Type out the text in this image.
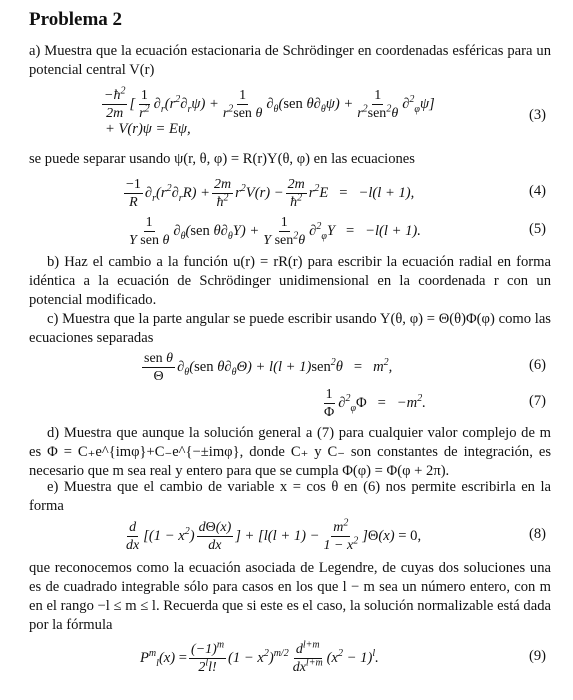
Problema 2
a) Muestra que la ecuación estacionaria de Schrödinger en coordenadas esféricas para un potencial central V(r)
$\frac{-ħ^2}{2m}$ [ $\frac{1}{r^2} \partial_r(r^2\partial_r\psi) + \frac{1}{r^2sen \theta} \partial_\theta(sen$ $\theta\partial_\theta\psi) + \frac{1}{r^2sen^2\theta} \partial^2_\varphi\psi$]
+ V(r)ψ = Eψ,
(3)
se puede separar usando ψ(r, θ, φ) = R(r)Y(θ, φ) en las ecuaciones
$\frac{-1}{R} \partial_r(r^2\partial_rR) + \frac{2m}{ħ^2} r^2V(r) - \frac{2m}{ħ^2} r^2E = -l(l + 1)$,	(4)
$\frac{1}{\text{Y sen θ}} \partial_\theta(sen$ $\theta\partial_\theta Y) + \frac{1}{Y sen^2\theta} \partial^2_\varphi Y = -l(l + 1)$.	(5)
b) Haz el cambio a la función u(r) = rR(r) para escribir la ecuación radial en forma idéntica a la ecuación de Schrödinger unidimensional en la coordenada r con un potencial modificado.
c) Muestra que la parte angular se puede escribir usando Y(θ, φ) = Θ(θ)Φ(φ) como las ecuaciones separadas
$\frac{\text{sen θ}}{\Theta} \partial_\theta(sen$ $\theta\partial_\theta\Theta) + l(l + 1)sen^2\theta = m^2$,	(6)
$\frac{1}{\Phi} \partial^2_\varphi\Phi = -m^2$.	(7)
d) Muestra que aunque la solución general a (7) para cualquier valor complejo de m es Φ = C₊e^{imφ}+C₋e^{−±imφ}, donde C₊ y C₋ son constantes de integración, es necesario que m sea real y entero para que se cumpla Φ(φ) = Φ(φ + 2π).
e) Muestra que el cambio de variable x = cos θ en (6) nos permite escribirla en la forma
$\frac{d}{dx} [(1 - x^2) \frac{d\Theta(x)}{dx}$ ] + $[l(l + 1) - \frac{m^2}{1 - x^2} ]\Theta(x) = 0$,	(8)
que reconocemos como la ecuación asociada de Legendre, de cuyas dos soluciones una es de cuadrado integrable sólo para casos en los que l − m sea un número entero, con m en el rango −l ≤ m ≤ l. Recuerda que si este es el caso, la solución normalizable está dada por la fórmula
$P^m_l(x) = \frac{(-1)^m}{2^ll!} (1 - x^2)^{m/2} \frac{d^{l+m}}{dx^{l+m}} (x^2 - 1)^l$.	(9)
